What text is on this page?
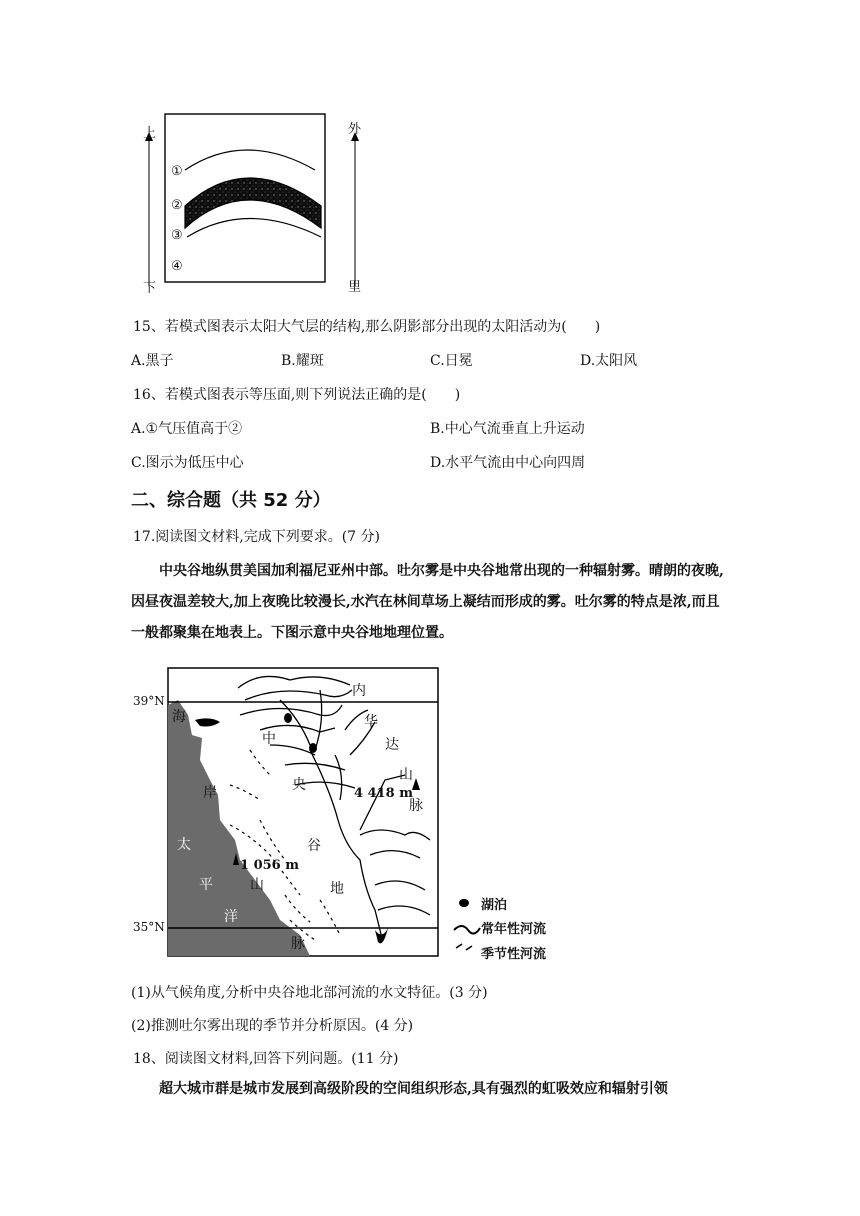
上
下
外
里
①
②
③
④
15、若模式图表示太阳大气层的结构,那么阴影部分出现的太阳活动为(　　)
A.黑子	B.耀斑	C.日冕	D.太阳风
16、若模式图表示等压面,则下列说法正确的是(　　)
A.①气压值高于②	B.中心气流垂直上升运动
C.图示为低压中心	D.水平气流由中心向四周
二、综合题（共 52 分）
17.阅读图文材料,完成下列要求。(7 分)
中央谷地纵贯美国加利福尼亚州中部。吐尔雾是中央谷地常出现的一种辐射雾。晴朗的夜晚,因昼夜温差较大,加上夜晚比较漫长,水汽在林间草场上凝结而形成的雾。吐尔雾的特点是浓,而且一般都聚集在地表上。下图示意中央谷地地理位置。
39°N
35°N
海
岸
山
脉
中
央
谷
地
内
华
达
山
脉
太
平
洋
4 418 m
1 056 m
湖泊
常年性河流
季节性河流
(1)从气候角度,分析中央谷地北部河流的水文特征。(3 分)
(2)推测吐尔雾出现的季节并分析原因。(4 分)
18、阅读图文材料,回答下列问题。(11 分)
超大城市群是城市发展到高级阶段的空间组织形态,具有强烈的虹吸效应和辐射引领
